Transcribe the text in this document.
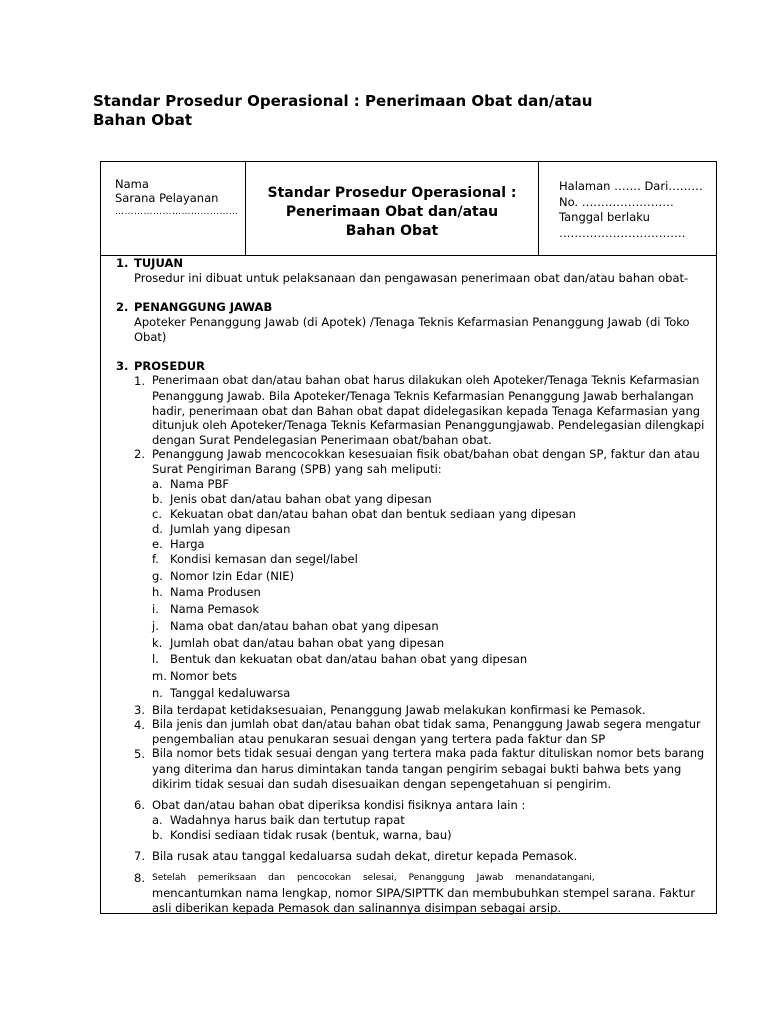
Standar Prosedur Operasional : Penerimaan Obat dan/atau Bahan Obat
Nama
Sarana Pelayanan
…………………………………
Standar Prosedur Operasional :
Penerimaan Obat dan/atau
Bahan Obat
Halaman ……. Dari………
No. ……………………
Tanggal berlaku
……………………………
1. TUJUAN
Prosedur ini dibuat untuk pelaksanaan dan pengawasan penerimaan obat dan/atau bahan obat-
2. PENANGGUNG JAWAB
Apoteker Penanggung Jawab (di Apotek) /Tenaga Teknis Kefarmasian Penanggung Jawab (di Toko
Obat)
3. PROSEDUR
1. Penerimaan obat dan/atau bahan obat harus dilakukan oleh Apoteker/Tenaga Teknis Kefarmasian
Penanggung Jawab. Bila Apoteker/Tenaga Teknis Kefarmasian Penanggung Jawab berhalangan
hadir, penerimaan obat dan Bahan obat dapat didelegasikan kepada Tenaga Kefarmasian yang
ditunjuk oleh Apoteker/Tenaga Teknis Kefarmasian Penanggungjawab. Pendelegasian dilengkapi
dengan Surat Pendelegasian Penerimaan obat/bahan obat.
2. Penanggung Jawab mencocokkan kesesuaian fisik obat/bahan obat dengan SP, faktur dan atau
Surat Pengiriman Barang (SPB) yang sah meliputi:
a. Nama PBF
b. Jenis obat dan/atau bahan obat yang dipesan
c. Kekuatan obat dan/atau bahan obat dan bentuk sediaan yang dipesan
d. Jumlah yang dipesan
e. Harga
f. Kondisi kemasan dan segel/label
g. Nomor Izin Edar (NIE)
h. Nama Produsen
i. Nama Pemasok
j. Nama obat dan/atau bahan obat yang dipesan
k. Jumlah obat dan/atau bahan obat yang dipesan
l. Bentuk dan kekuatan obat dan/atau bahan obat yang dipesan
m. Nomor bets
n. Tanggal kedaluwarsa
3. Bila terdapat ketidaksesuaian, Penanggung Jawab melakukan konfirmasi ke Pemasok.
4. Bila jenis dan jumlah obat dan/atau bahan obat tidak sama, Penanggung Jawab segera mengatur
pengembalian atau penukaran sesuai dengan yang tertera pada faktur dan SP
5. Bila nomor bets tidak sesuai dengan yang tertera maka pada faktur dituliskan nomor bets barang
yang diterima dan harus dimintakan tanda tangan pengirim sebagai bukti bahwa bets yang
dikirim tidak sesuai dan sudah disesuaikan dengan sepengetahuan si pengirim.
6. Obat dan/atau bahan obat diperiksa kondisi fisiknya antara lain :
a. Wadahnya harus baik dan tertutup rapat
b. Kondisi sediaan tidak rusak (bentuk, warna, bau)
7. Bila rusak atau tanggal kedaluarsa sudah dekat, diretur kepada Pemasok.
8. Setelah pemeriksaan dan pencocokan selesai, Penanggung Jawab menandatangani,
mencantumkan nama lengkap, nomor SIPA/SIPTTK dan membubuhkan stempel sarana. Faktur
asli diberikan kepada Pemasok dan salinannya disimpan sebagai arsip.
